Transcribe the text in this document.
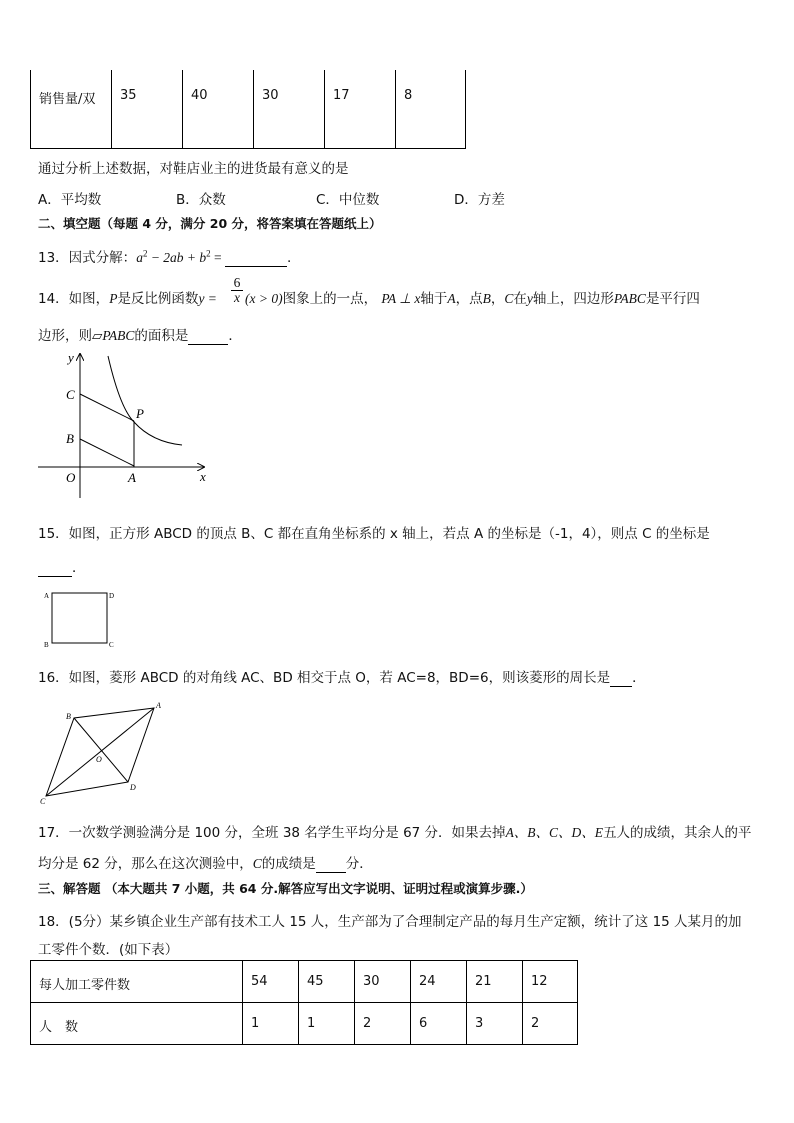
销售量/双	35	40	30	17	8
通过分析上述数据，对鞋店业主的进货最有意义的是
A．平均数	B．众数	C．中位数	D．方差
二、填空题（每题 4 分，满分 20 分，将答案填在答题纸上）
13．因式分解：$a^2 - 2ab + b^2$ =	.
14．如图，P是反比例函数$y = \frac{6}{x} (x > 0)$图象上的一点， PA ⊥ x轴于A，点B，C在y轴上，四边形PABC是平行四
边形，则▱PABC的面积是	．
y
x
O	A
B
C
P
15．如图，正方形 ABCD 的顶点 B、C 都在直角坐标系的 x 轴上，若点 A 的坐标是（-1，4），则点 C 的坐标是
．
A	D
B	C
16．如图，菱形 ABCD 的对角线 AC、BD 相交于点 O，若 AC=8，BD=6，则该菱形的周长是 ．
A
B
C
D
O
17．一次数学测验满分是 100 分，全班 38 名学生平均分是 67 分．如果去掉A、B、C、D、E五人的成绩，其余人的平
均分是 62 分，那么在这次测验中，C的成绩是 分．
三、解答题 （本大题共 7 小题，共 64 分.解答应写出文字说明、证明过程或演算步骤.）
18．(5分）某乡镇企业生产部有技术工人 15 人，生产部为了合理制定产品的每月生产定额，统计了这 15 人某月的加
工零件个数．(如下表）
每人加工零件数	54	45	30	24	21	12
人　数	1	1	2	6	3	2
